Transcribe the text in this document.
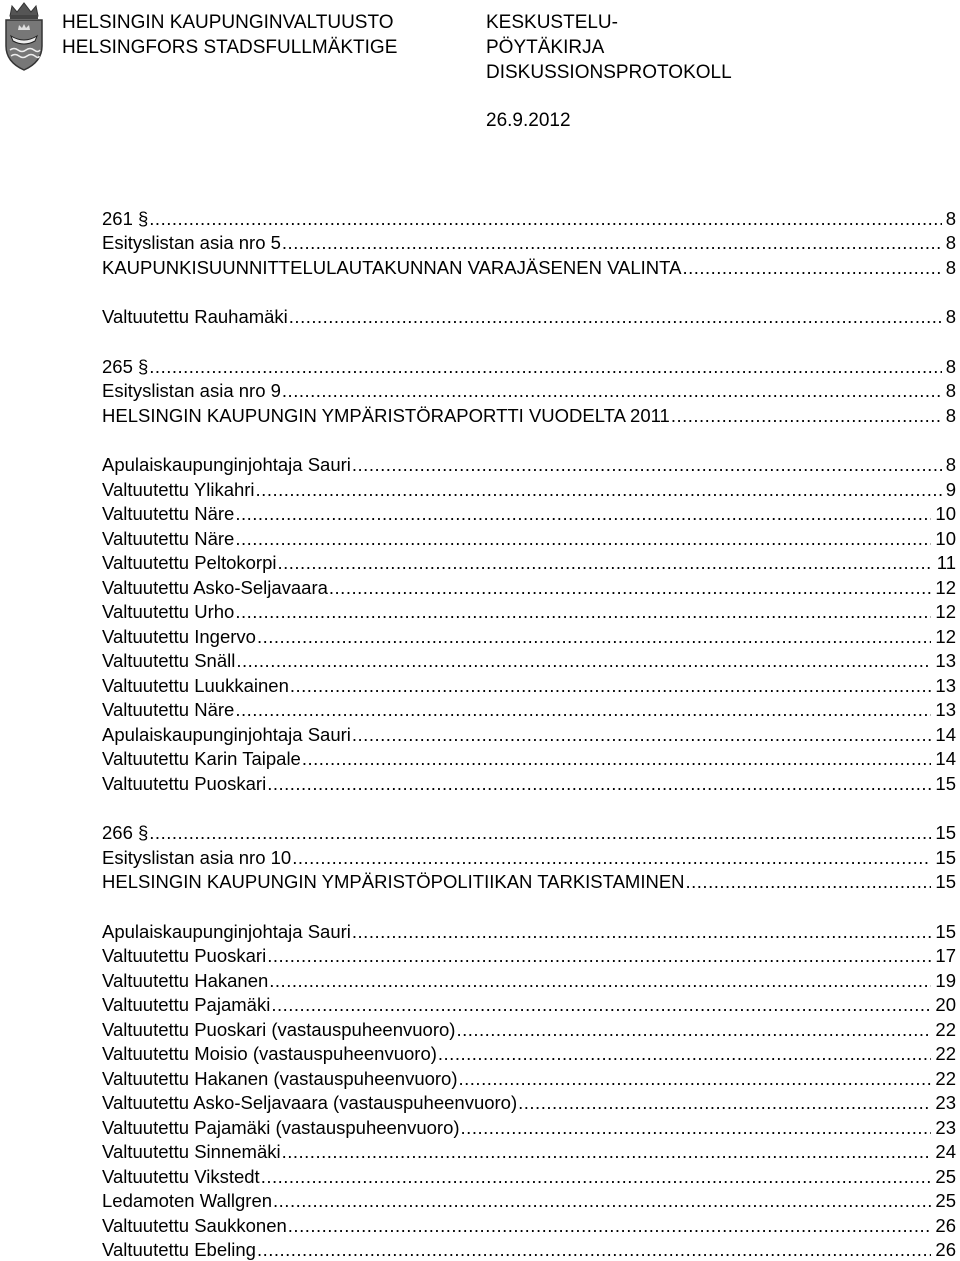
HELSINGIN KAUPUNGINVALTUUSTO
HELSINGFORS STADSFULLMÄKTIGE
KESKUSTELU-
PÖYTÄKIRJA
DISKUSSIONSPROTOKOLL
26.9.2012
261 § .....	8
Esityslistan asia nro 5 .....	8
KAUPUNKISUUNNITTELULAUTAKUNNAN VARAJÄSENEN VALINTA .....	8
Valtuutettu Rauhamäki .....	8
265 § .....	8
Esityslistan asia nro 9 .....	8
HELSINGIN KAUPUNGIN YMPÄRISTÖRAPORTTI VUODELTA 2011 .....	8
Apulaiskaupunginjohtaja Sauri .....	8
Valtuutettu Ylikahri .....	9
Valtuutettu Näre .....	10
Valtuutettu Näre .....	10
Valtuutettu Peltokorpi .....	11
Valtuutettu Asko-Seljavaara .....	12
Valtuutettu Urho .....	12
Valtuutettu Ingervo .....	12
Valtuutettu Snäll .....	13
Valtuutettu Luukkainen .....	13
Valtuutettu Näre .....	13
Apulaiskaupunginjohtaja Sauri .....	14
Valtuutettu Karin Taipale .....	14
Valtuutettu Puoskari .....	15
266 § .....	15
Esityslistan asia nro 10 .....	15
HELSINGIN KAUPUNGIN YMPÄRISTÖPOLITIIKAN TARKISTAMINEN .....	15
Apulaiskaupunginjohtaja Sauri .....	15
Valtuutettu Puoskari .....	17
Valtuutettu Hakanen .....	19
Valtuutettu Pajamäki .....	20
Valtuutettu Puoskari (vastauspuheenvuoro) .....	22
Valtuutettu Moisio (vastauspuheenvuoro) .....	22
Valtuutettu Hakanen (vastauspuheenvuoro) .....	22
Valtuutettu Asko-Seljavaara (vastauspuheenvuoro) .....	23
Valtuutettu Pajamäki (vastauspuheenvuoro) .....	23
Valtuutettu Sinnemäki .....	24
Valtuutettu Vikstedt .....	25
Ledamoten Wallgren .....	25
Valtuutettu Saukkonen .....	26
Valtuutettu Ebeling .....	26
